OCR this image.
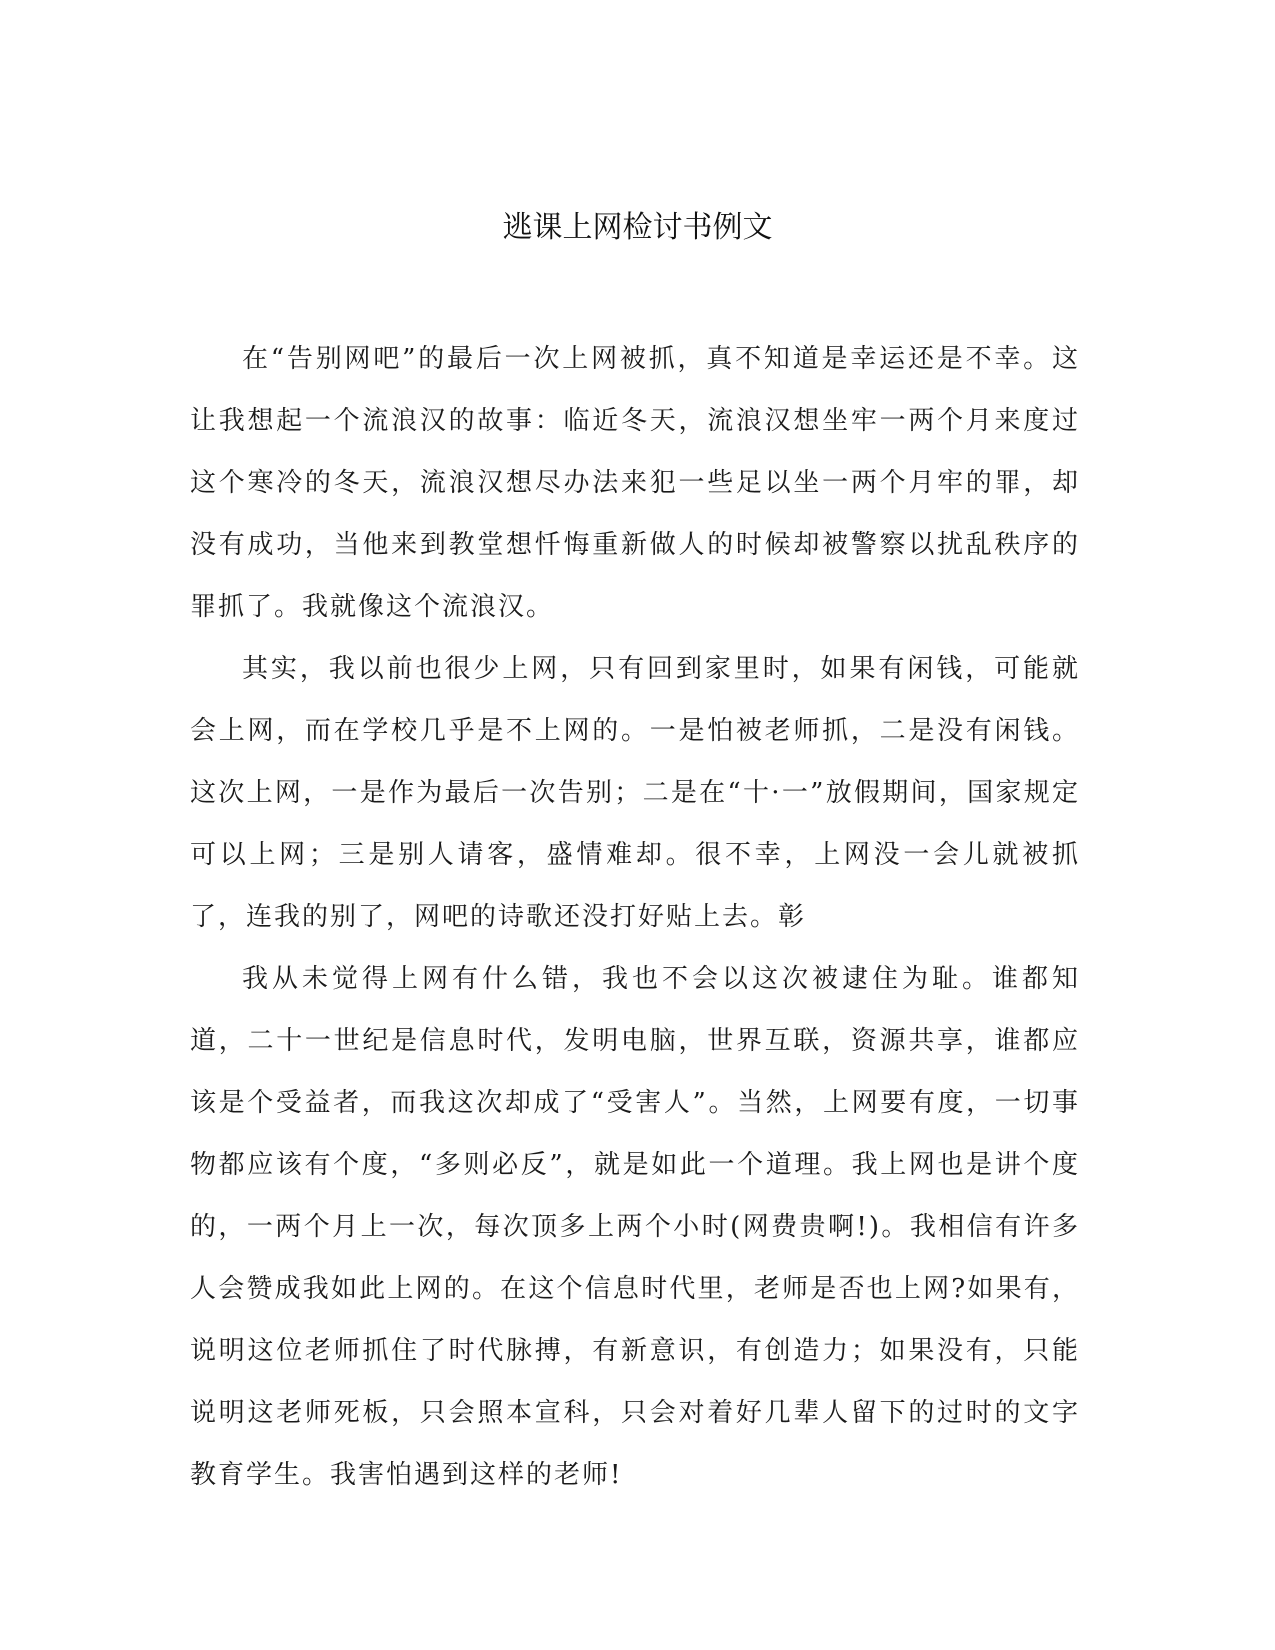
逃课上网检讨书例文

在“告别网吧”的最后一次上网被抓，真不知道是幸运还是不幸。这让我想起一个流浪汉的故事：临近冬天，流浪汉想坐牢一两个月来度过这个寒冷的冬天，流浪汉想尽办法来犯一些足以坐一两个月牢的罪，却没有成功，当他来到教堂想忏悔重新做人的时候却被警察以扰乱秩序的罪抓了。我就像这个流浪汉。

其实，我以前也很少上网，只有回到家里时，如果有闲钱，可能就会上网，而在学校几乎是不上网的。一是怕被老师抓，二是没有闲钱。这次上网，一是作为最后一次告别；二是在“十·一”放假期间，国家规定可以上网；三是别人请客，盛情难却。很不幸，上网没一会儿就被抓了，连我的别了，网吧的诗歌还没打好贴上去。彰

我从未觉得上网有什么错，我也不会以这次被逮住为耻。谁都知道，二十一世纪是信息时代，发明电脑，世界互联，资源共享，谁都应该是个受益者，而我这次却成了“受害人”。当然，上网要有度，一切事物都应该有个度，“多则必反”，就是如此一个道理。我上网也是讲个度的，一两个月上一次，每次顶多上两个小时(网费贵啊!)。我相信有许多人会赞成我如此上网的。在这个信息时代里，老师是否也上网?如果有，说明这位老师抓住了时代脉搏，有新意识，有创造力；如果没有，只能说明这老师死板，只会照本宣科，只会对着好几辈人留下的过时的文字教育学生。我害怕遇到这样的老师!
